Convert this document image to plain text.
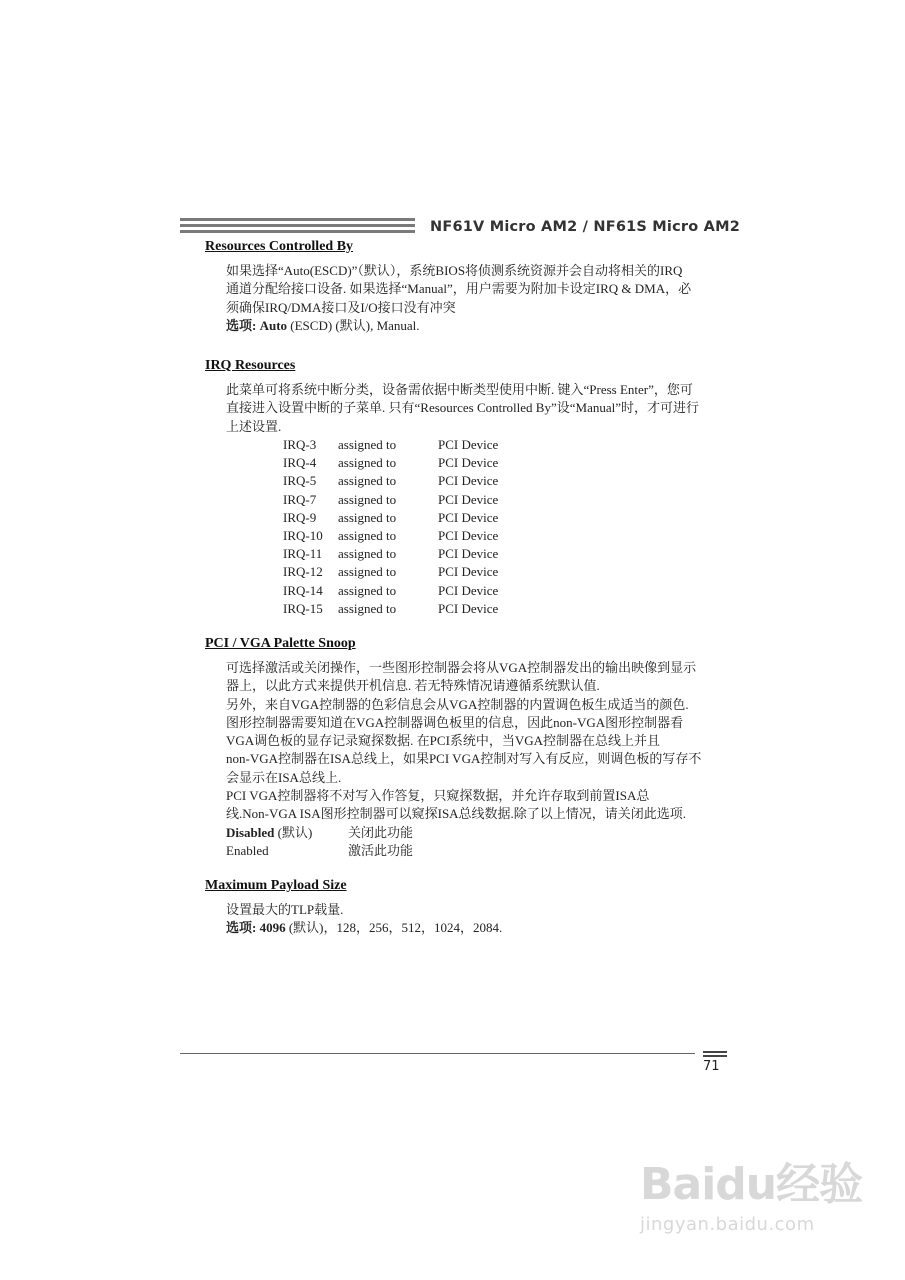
NF61V Micro AM2 / NF61S Micro AM2
Resources Controlled By

如果选择“Auto(ESCD)”（默认），系统BIOS将侦测系统资源并会自动将相关的IRQ

通道分配给接口设备. 如果选择“Manual”，用户需要为附加卡设定IRQ & DMA，必

须确保IRQ/DMA接口及I/O接口没有冲突

选项: Auto (ESCD) (默认), Manual.

IRQ Resources

此菜单可将系统中断分类，设备需依据中断类型使用中断. 键入“Press Enter”，您可

直接进入设置中断的子菜单. 只有“Resources Controlled By”设“Manual”时，才可进行

上述设置.

IRQ-3 assigned to	PCI Device
IRQ-4 assigned to	PCI Device
IRQ-5 assigned to	PCI Device
IRQ-7 assigned to	PCI Device
IRQ-9 assigned to	PCI Device
IRQ-10 assigned to	PCI Device
IRQ-11 assigned to	PCI Device
IRQ-12 assigned to	PCI Device
IRQ-14 assigned to	PCI Device
IRQ-15 assigned to	PCI Device
PCI / VGA Palette Snoop

可选择激活或关闭操作，一些图形控制器会将从VGA控制器发出的输出映像到显示

器上，以此方式来提供开机信息. 若无特殊情况请遵循系统默认值.

另外，来自VGA控制器的色彩信息会从VGA控制器的内置调色板生成适当的颜色.

图形控制器需要知道在VGA控制器调色板里的信息，因此non-VGA图形控制器看

VGA调色板的显存记录窥探数据. 在PCI系统中，当VGA控制器在总线上并且

non-VGA控制器在ISA总线上，如果PCI VGA控制对写入有反应，则调色板的写存不

会显示在ISA总线上.

PCI VGA控制器将不对写入作答复，只窥探数据，并允许存取到前置ISA总

线.Non-VGA ISA图形控制器可以窥探ISA总线数据.除了以上情况，请关闭此选项.

Disabled (默认)	关闭此功能

Enabled	激活此功能

Maximum Payload Size

设置最大的TLP载量.

选项: 4096 (默认)，128，256，512，1024，2084.

71
Baidu经验
jingyan.baidu.com
